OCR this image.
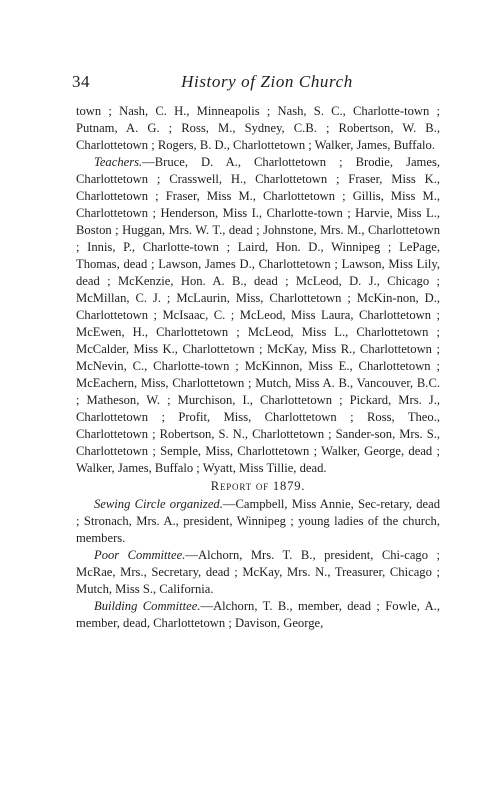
34	History of Zion Church

town ; Nash, C. H., Minneapolis ; Nash, S. C., Charlotte-town ; Putnam, A. G. ; Ross, M., Sydney, C.B. ; Robertson, W. B., Charlottetown ; Rogers, B. D., Charlottetown ; Walker, James, Buffalo.

Teachers.—Bruce, D. A., Charlottetown ; Brodie, James, Charlottetown ; Crasswell, H., Charlottetown ; Fraser, Miss K., Charlottetown ; Fraser, Miss M., Charlottetown ; Gillis, Miss M., Charlottetown ; Henderson, Miss I., Charlotte-town ; Harvie, Miss L., Boston ; Huggan, Mrs. W. T., dead ; Johnstone, Mrs. M., Charlottetown ; Innis, P., Charlotte-town ; Laird, Hon. D., Winnipeg ; LePage, Thomas, dead ; Lawson, James D., Charlottetown ; Lawson, Miss Lily, dead ; McKenzie, Hon. A. B., dead ; McLeod, D. J., Chicago ; McMillan, C. J. ; McLaurin, Miss, Charlottetown ; McKin-non, D., Charlottetown ; McIsaac, C. ; McLeod, Miss Laura, Charlottetown ; McEwen, H., Charlottetown ; McLeod, Miss L., Charlottetown ; McCalder, Miss K., Charlottetown ; McKay, Miss R., Charlottetown ; McNevin, C., Charlotte-town ; McKinnon, Miss E., Charlottetown ; McEachern, Miss, Charlottetown ; Mutch, Miss A. B., Vancouver, B.C. ; Matheson, W. ; Murchison, I., Charlottetown ; Pickard, Mrs. J., Charlottetown ; Profit, Miss, Charlottetown ; Ross, Theo., Charlottetown ; Robertson, S. N., Charlottetown ; Sander-son, Mrs. S., Charlottetown ; Semple, Miss, Charlottetown ; Walker, George, dead ; Walker, James, Buffalo ; Wyatt, Miss Tillie, dead.

Report of 1879.

Sewing Circle organized.—Campbell, Miss Annie, Sec-retary, dead ; Stronach, Mrs. A., president, Winnipeg ; young ladies of the church, members.

Poor Committee.—Alchorn, Mrs. T. B., president, Chi-cago ; McRae, Mrs., Secretary, dead ; McKay, Mrs. N., Treasurer, Chicago ; Mutch, Miss S., California.

Building Committee.—Alchorn, T. B., member, dead ; Fowle, A., member, dead, Charlottetown ; Davison, George,
